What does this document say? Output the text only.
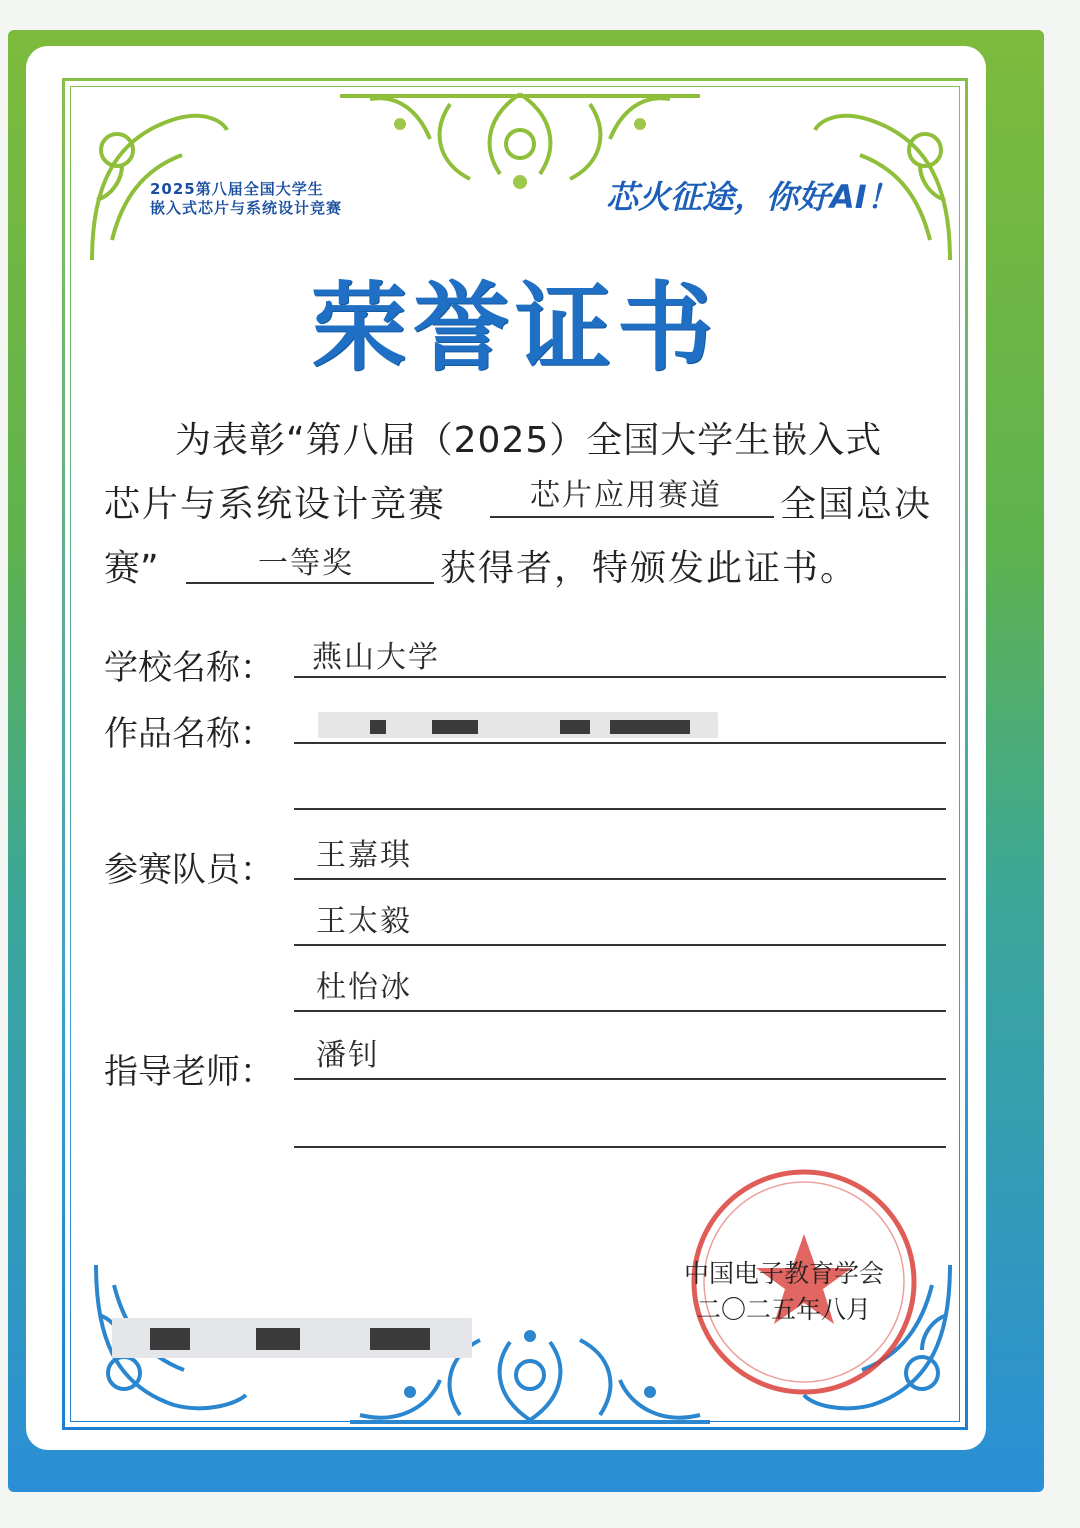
2025第八届全国大学生
嵌入式芯片与系统设计竞赛	芯火征途，你好AI！
荣誉证书
为表彰“第八届（2025）全国大学生嵌入式
芯片与系统设计竞赛	芯片应用赛道 全国总决
赛”	一等奖 获得者，特颁发此证书。
学校名称： 燕山大学
作品名称：
参赛队员： 王嘉琪
王太毅
杜怡冰
指导老师： 潘钊
中国电子教育学会
二〇二五年八月
